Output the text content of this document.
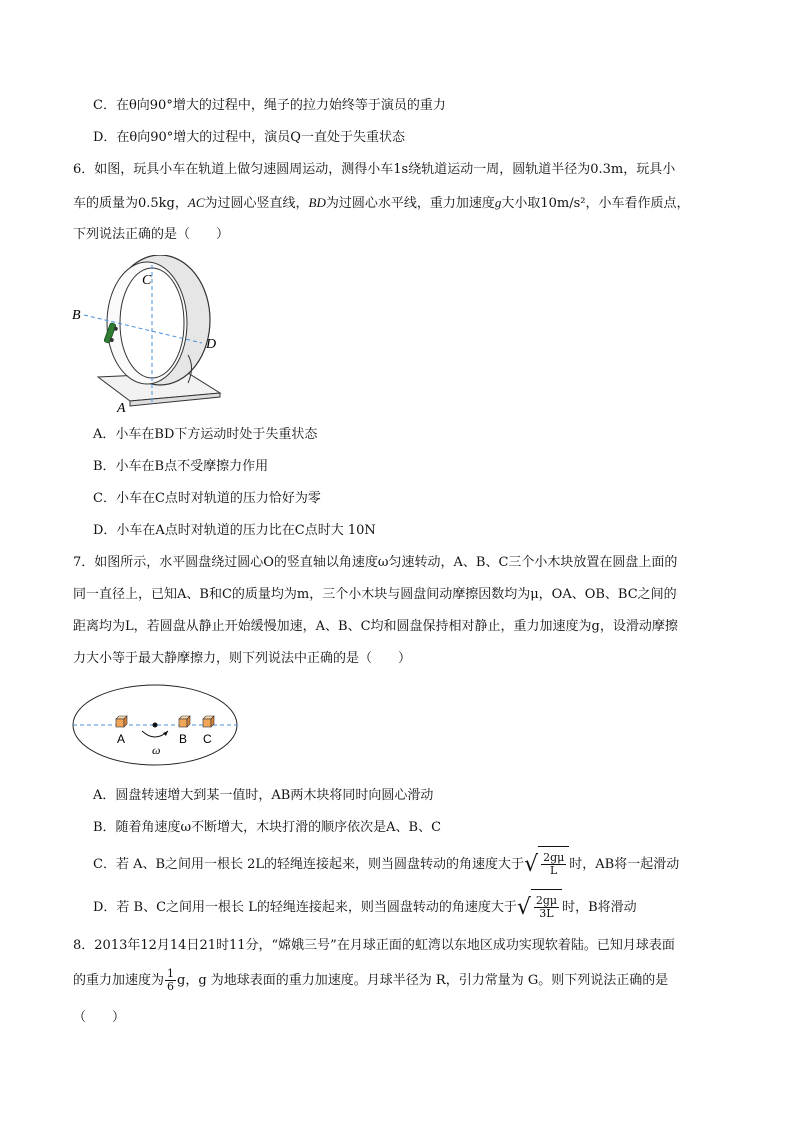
C．在θ向90°增大的过程中，绳子的拉力始终等于演员的重力
D．在θ向90°增大的过程中，演员Q一直处于失重状态
6．如图，玩具小车在轨道上做匀速圆周运动，测得小车1s绕轨道运动一周，圆轨道半径为0.3m，玩具小
车的质量为0.5kg，AC为过圆心竖直线，BD为过圆心水平线，重力加速度g大小取10m/s²，小车看作质点，
下列说法正确的是（　　）
C
B
D
A
A．小车在BD下方运动时处于失重状态
B．小车在B点不受摩擦力作用
C．小车在C点时对轨道的压力恰好为零
D．小车在A点时对轨道的压力比在C点时大 10N
7．如图所示，水平圆盘绕过圆心O的竖直轴以角速度ω匀速转动，A、B、C三个小木块放置在圆盘上面的
同一直径上，已知A、B和C的质量均为m，三个小木块与圆盘间动摩擦因数均为μ，OA、OB、BC之间的
距离均为L，若圆盘从静止开始缓慢加速，A、B、C均和圆盘保持相对静止，重力加速度为g，设滑动摩擦
力大小等于最大静摩擦力，则下列说法中正确的是（　　）
A	B C
ω
A．圆盘转速增大到某一值时，AB两木块将同时向圆心滑动
B．随着角速度ω不断增大，木块打滑的顺序依次是A、B、C
C．若 A、B之间用一根长 2L的轻绳连接起来，则当圆盘转动的角速度大于 √ $\frac{2g\mu}{L}$ 时，AB将一起滑动
D．若 B、C之间用一根长 L的轻绳连接起来，则当圆盘转动的角速度大于 √ $\frac{2g\mu}{3L}$ 时，B将滑动
8．2013年12月14日21时11分，“嫦娥三号”在月球正面的虹湾以东地区成功实现软着陆。已知月球表面
的重力加速度为 $\frac{1}{6}$ g，g 为地球表面的重力加速度。月球半径为 R，引力常量为 G。则下列说法正确的是
（　　）
